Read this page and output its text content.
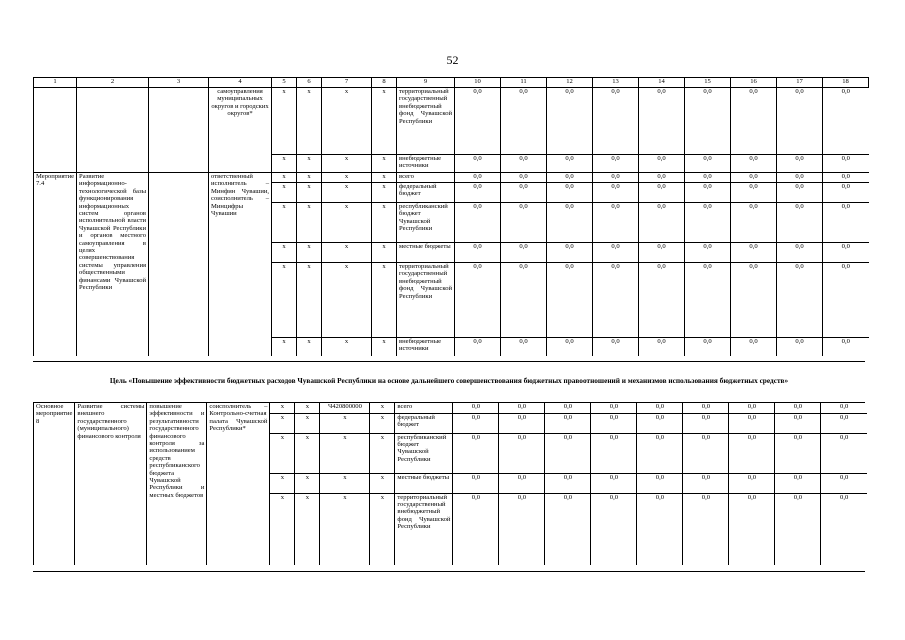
52
1	2	3	4	5	6	7	8	9	10	11	12	13	14	15	16	17	18
			самоуправления муниципальных округов и городских округов*	x	x	x	x	территориальный государственный внебюджетный фонд Чувашской Республики	0,0	0,0	0,0	0,0	0,0	0,0	0,0	0,0	0,0
				x	x	x	x	внебюджетные источники	0,0	0,0	0,0	0,0	0,0	0,0	0,0	0,0	0,0
Мероприятие 7.4	Развитие информационно-технологической базы функционирования информационных систем органов исполнительной власти Чувашской Республики и органов местного самоуправления в целях совершенствования системы управления общественными финансами Чувашской Республики		ответственный исполнитель – Минфин Чувашии, соисполнитель – Минцифры Чувашии	x	x	x	x	всего	0,0	0,0	0,0	0,0	0,0	0,0	0,0	0,0	0,0
				x	x	x	x	федеральный бюджет	0,0	0,0	0,0	0,0	0,0	0,0	0,0	0,0	0,0
				x	x	x	x	республиканский бюджет Чувашской Республики	0,0	0,0	0,0	0,0	0,0	0,0	0,0	0,0	0,0
				x	x	x	x	местные бюджеты	0,0	0,0	0,0	0,0	0,0	0,0	0,0	0,0	0,0
				x	x	x	x	территориальный государственный внебюджетный фонд Чувашской Республики	0,0	0,0	0,0	0,0	0,0	0,0	0,0	0,0	0,0
				x	x	x	x	внебюджетные источники	0,0	0,0	0,0	0,0	0,0	0,0	0,0	0,0	0,0
Цель «Повышение эффективности бюджетных расходов Чувашской Республики на основе дальнейшего совершенствования бюджетных правоотношений и механизмов использования бюджетных средств»
Основное мероприятие 8	Развитие системы внешнего государственного (муниципального) финансового контроля	повышение эффективности и результативности государственного финансового контроля за использованием средств республиканского бюджета Чувашской Республики и местных бюджетов	соисполнитель – Контрольно-счетная палата Чувашской Республики*	x	x	Ч420800000	x	всего	0,0	0,0	0,0	0,0	0,0	0,0	0,0	0,0	0,0
				x	x	x	x	федеральный бюджет	0,0	0,0	0,0	0,0	0,0	0,0	0,0	0,0	0,0
				x	x	x	x	республиканский бюджет Чувашской Республики	0,0	0,0	0,0	0,0	0,0	0,0	0,0	0,0	0,0
				x	x	x	x	местные бюджеты	0,0	0,0	0,0	0,0	0,0	0,0	0,0	0,0	0,0
				x	x	x	x	территориальный государственный внебюджетный фонд Чувашской Республики	0,0	0,0	0,0	0,0	0,0	0,0	0,0	0,0	0,0
